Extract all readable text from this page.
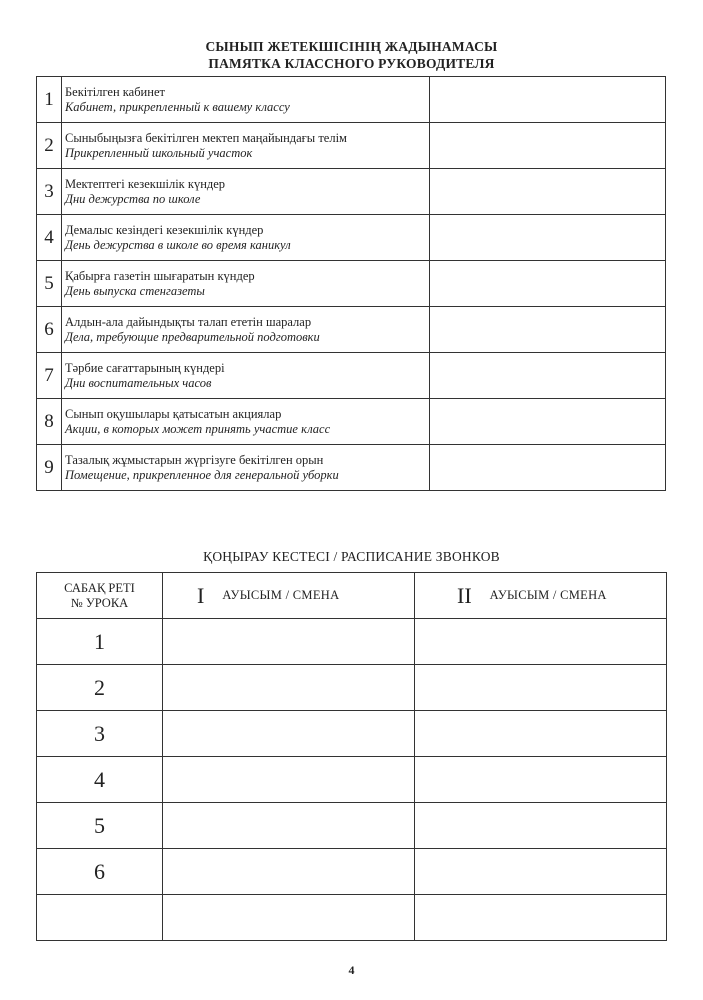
СЫНЫП ЖЕТЕКШІСІНІҢ ЖАДЫНАМАСЫ
ПАМЯТКА КЛАССНОГО РУКОВОДИТЕЛЯ
1	Бекітілген кабинет
Кабинет, прикрепленный к вашему классу	

2	Сыныбыңызға бекітілген мектеп маңайындағы телім
Прикрепленный школьный участок	

3	Мектептегі кезекшілік күндер
Дни дежурства по школе	

4	Демалыс кезіндегі кезекшілік күндер
День дежурства в школе во время каникул	

5	Қабырға газетін шығаратын күндер
День выпуска стенгазеты	

6	Алдын-ала дайындықты талап ететін шаралар
Дела, требующие предварительной подготовки	

7	Тәрбие сағаттарының күндері
Дни воспитательных часов	

8	Сынып оқушылары қатысатын акциялар
Акции, в которых может принять участие класс	

9	Тазалық жұмыстарын жүргізуге бекітілген орын
Помещение, прикрепленное для генеральной уборки	

ҚОҢЫРАУ КЕСТЕСІ / РАСПИСАНИЕ ЗВОНКОВ
САБАҚ РЕТІ
№ УРОКА	I АУЫСЫМ / СМЕНА	II АУЫСЫМ / СМЕНА
1		
2		
3		
4		
5		
6		

4
